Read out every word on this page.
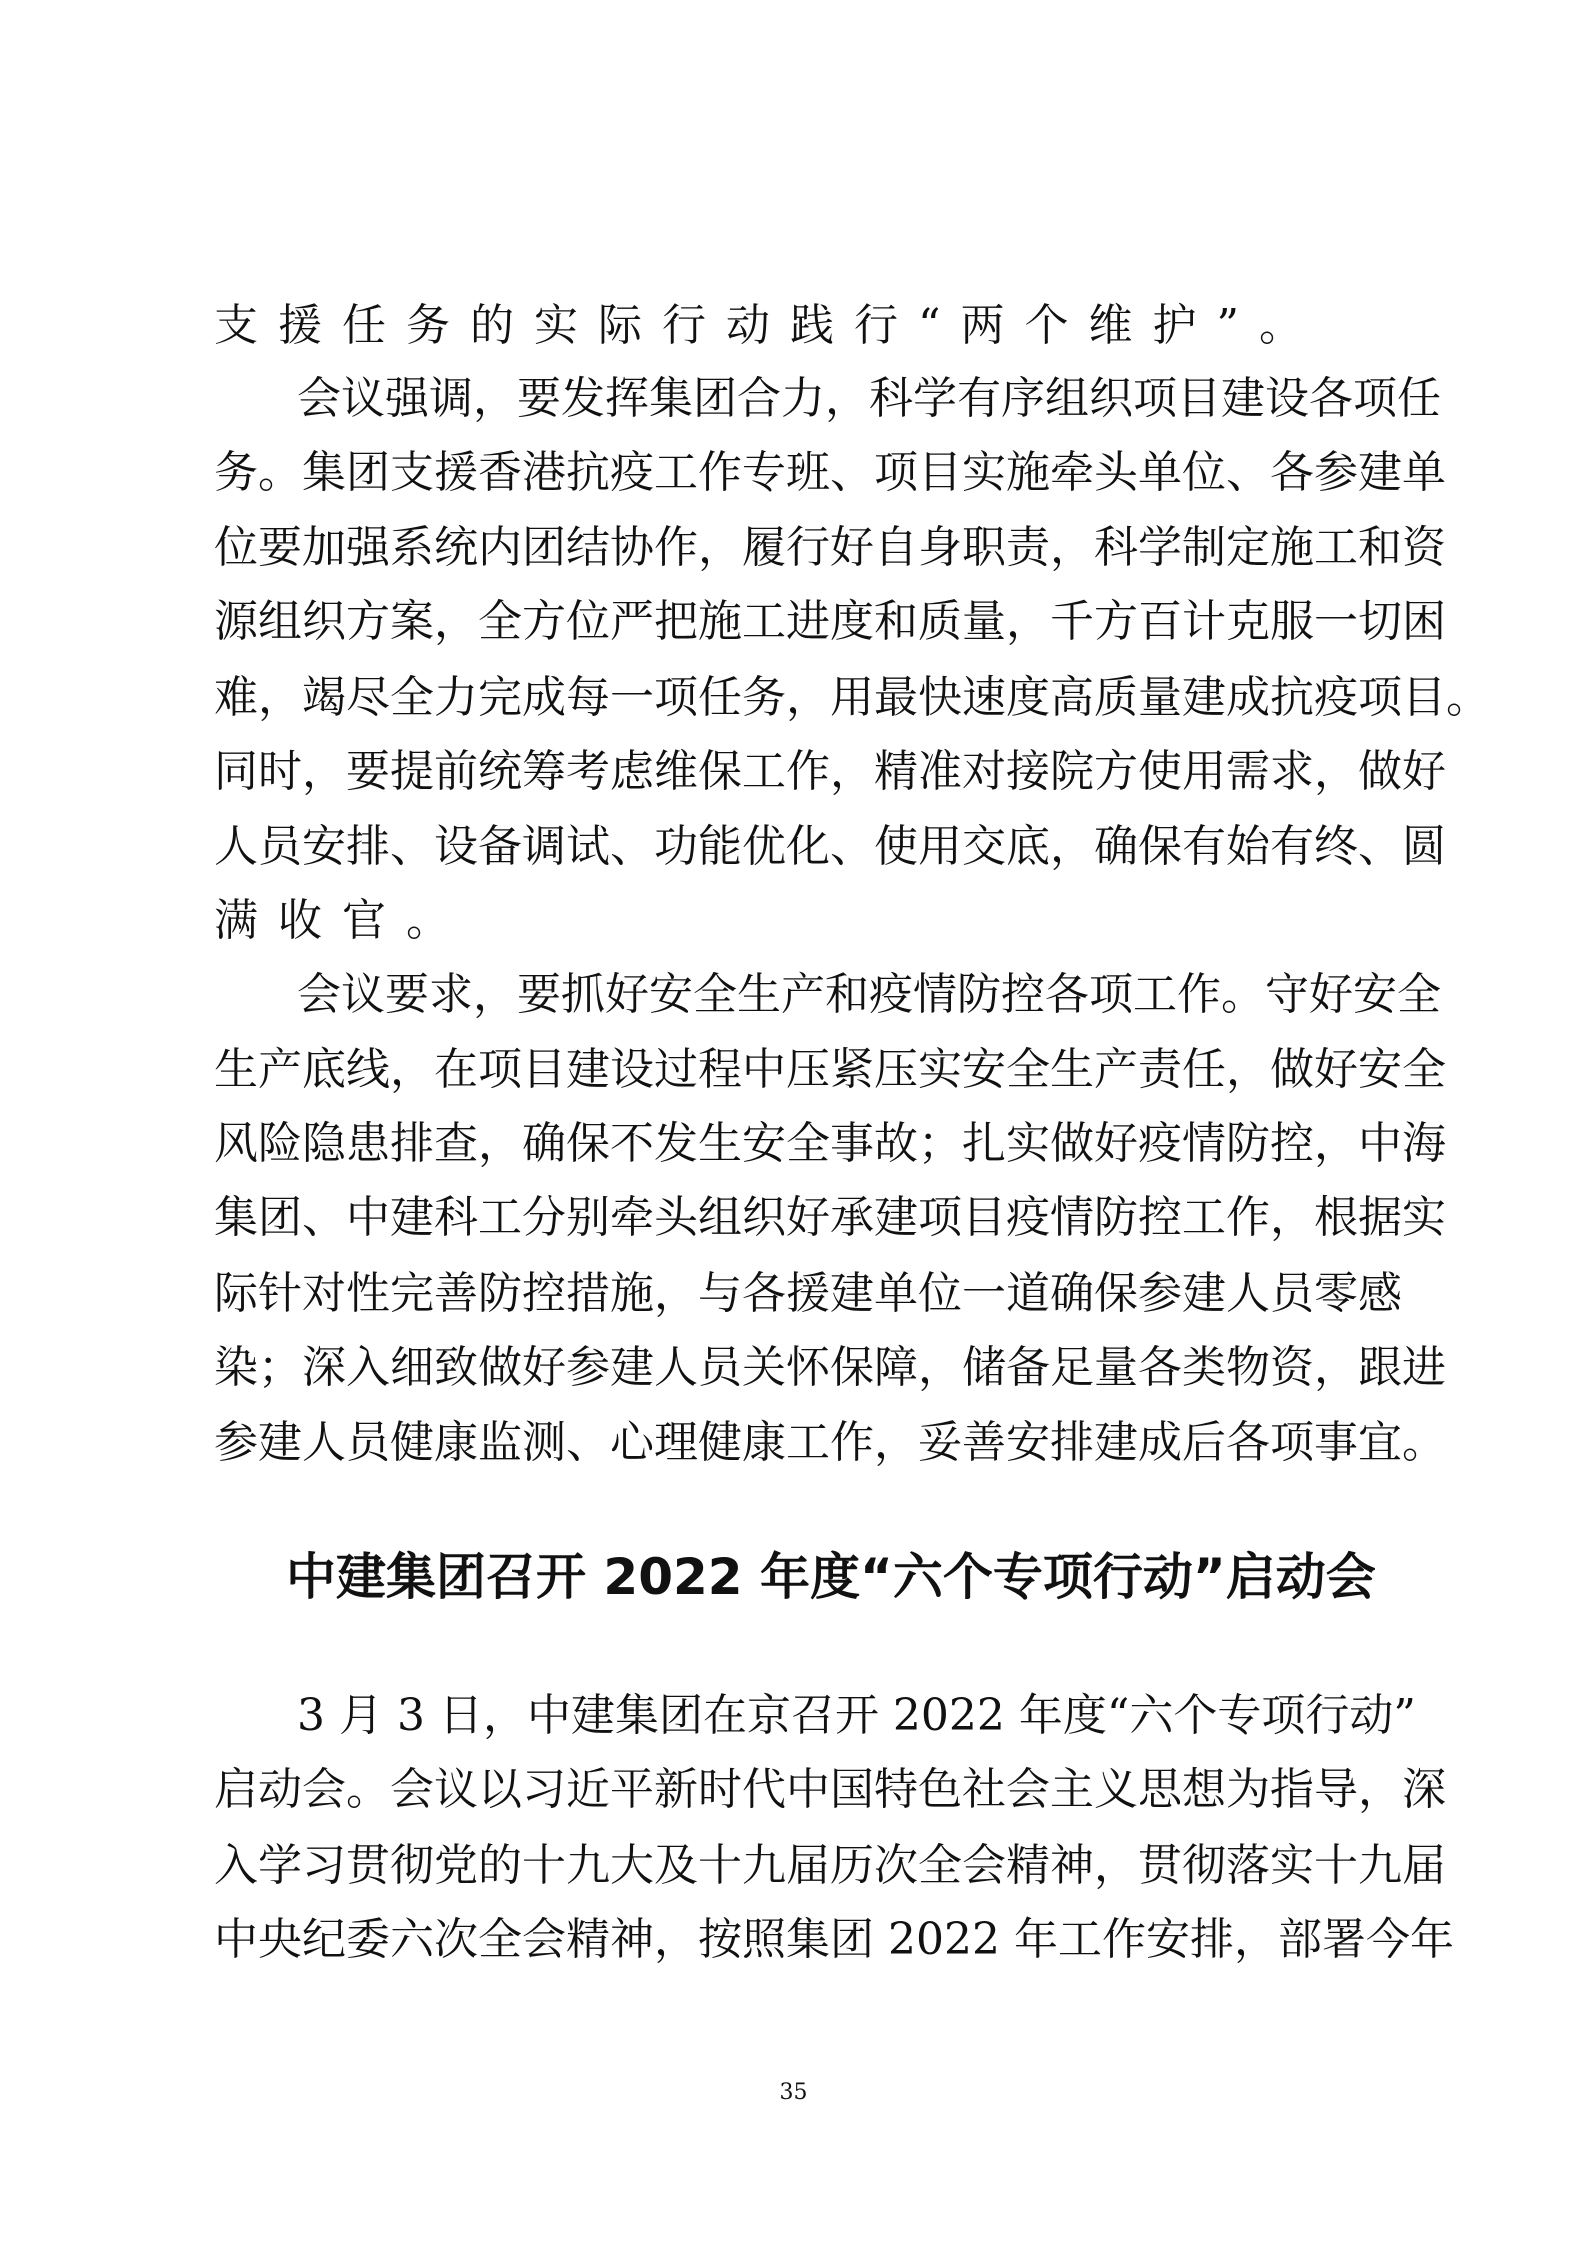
支援任务的实际行动践行“两个维护”。
会议强调，要发挥集团合力，科学有序组织项目建设各项任
务。集团支援香港抗疫工作专班、项目实施牵头单位、各参建单
位要加强系统内团结协作，履行好自身职责，科学制定施工和资
源组织方案，全方位严把施工进度和质量，千方百计克服一切困
难，竭尽全力完成每一项任务，用最快速度高质量建成抗疫项目。
同时，要提前统筹考虑维保工作，精准对接院方使用需求，做好
人员安排、设备调试、功能优化、使用交底，确保有始有终、圆
满收官。
会议要求，要抓好安全生产和疫情防控各项工作。守好安全
生产底线，在项目建设过程中压紧压实安全生产责任，做好安全
风险隐患排查，确保不发生安全事故；扎实做好疫情防控，中海
集团、中建科工分别牵头组织好承建项目疫情防控工作，根据实
际针对性完善防控措施，与各援建单位一道确保参建人员零感
染；深入细致做好参建人员关怀保障，储备足量各类物资，跟进
参建人员健康监测、心理健康工作，妥善安排建成后各项事宜。
中建集团召开 2022 年度“六个专项行动”启动会
3 月 3 日，中建集团在京召开 2022 年度“六个专项行动”
启动会。会议以习近平新时代中国特色社会主义思想为指导，深
入学习贯彻党的十九大及十九届历次全会精神，贯彻落实十九届
中央纪委六次全会精神，按照集团 2022 年工作安排，部署今年
35
